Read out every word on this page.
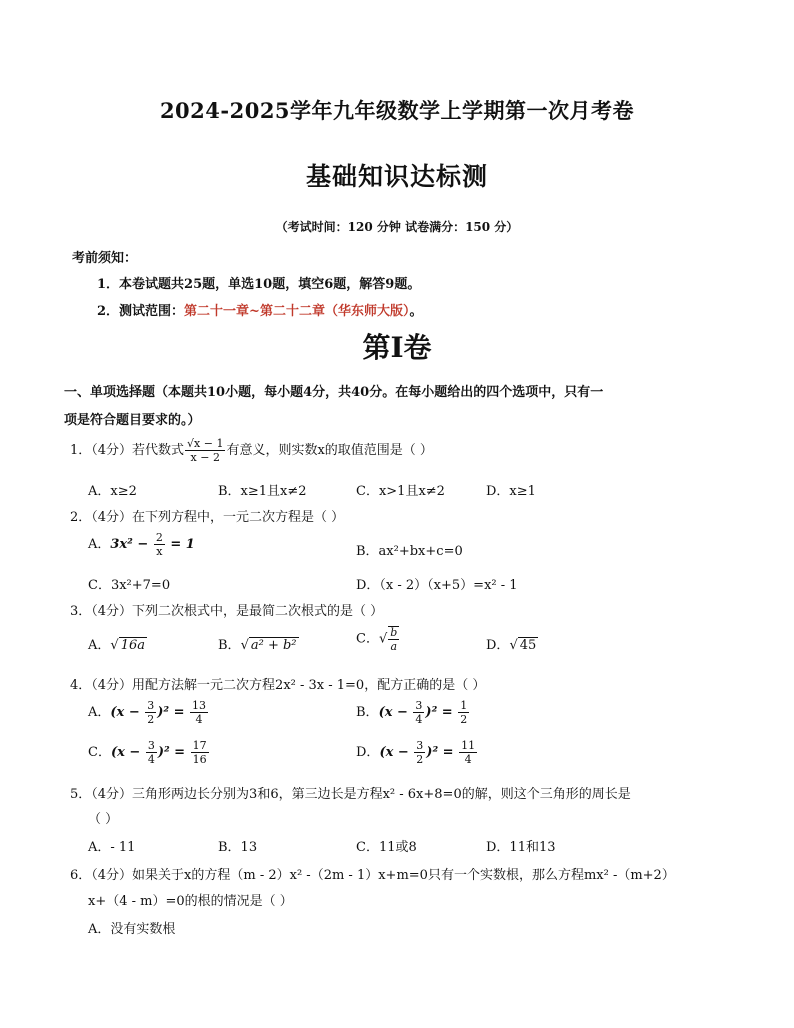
2024-2025学年九年级数学上学期第一次月考卷
基础知识达标测
（考试时间：120 分钟 试卷满分：150 分）
考前须知：
1．本卷试题共25题，单选10题，填空6题，解答9题。
2．测试范围：第二十一章~第二十二章（华东师大版）。
第Ⅰ卷
一、单项选择题（本题共10小题，每小题4分，共40分。在每小题给出的四个选项中，只有一
项是符合题目要求的。）
1．（4分）若代数式 $\frac{√x - 1}{x - 2}$ 有意义，则实数x的取值范围是（ ）
A．x≥2	B．x≥1且x≠2	C．x>1且x≠2	D．x≥1
2．（4分）在下列方程中，一元二次方程是（ ）
A．$3x^2 - \frac{2}{x} = 1$	B．ax²+bx+c=0
C．3x²+7=0	D．（x - 2）（x+5）=x² - 1
3．（4分）下列二次根式中，是最简二次根式的是（ ）
A．√ 16a	B．√ a² + b²	C．√ $\frac{b}{a}$	D．√ 45
4．（4分）用配方法解一元二次方程2x² - 3x - 1=0，配方正确的是（ ）
A．$(x - \frac{3}{2} )^2 = \frac{13}{4}$	B．$(x - \frac{3}{4} )^2 = \frac{1}{2}$
C．$(x - \frac{3}{4} )^2 = \frac{17}{16}$	D．$(x - \frac{3}{2} )^2 = \frac{11}{4}$
5．（4分）三角形两边长分别为3和6，第三边长是方程x² - 6x+8=0的解，则这个三角形的周长是
（ ）
A．- 11	B．13	C．11或8	D．11和13
6．（4分）如果关于x的方程（m - 2）x² -（2m - 1）x+m=0只有一个实数根，那么方程mx² -（m+2）
x+（4 - m）=0的根的情况是（ ）
A．没有实数根
